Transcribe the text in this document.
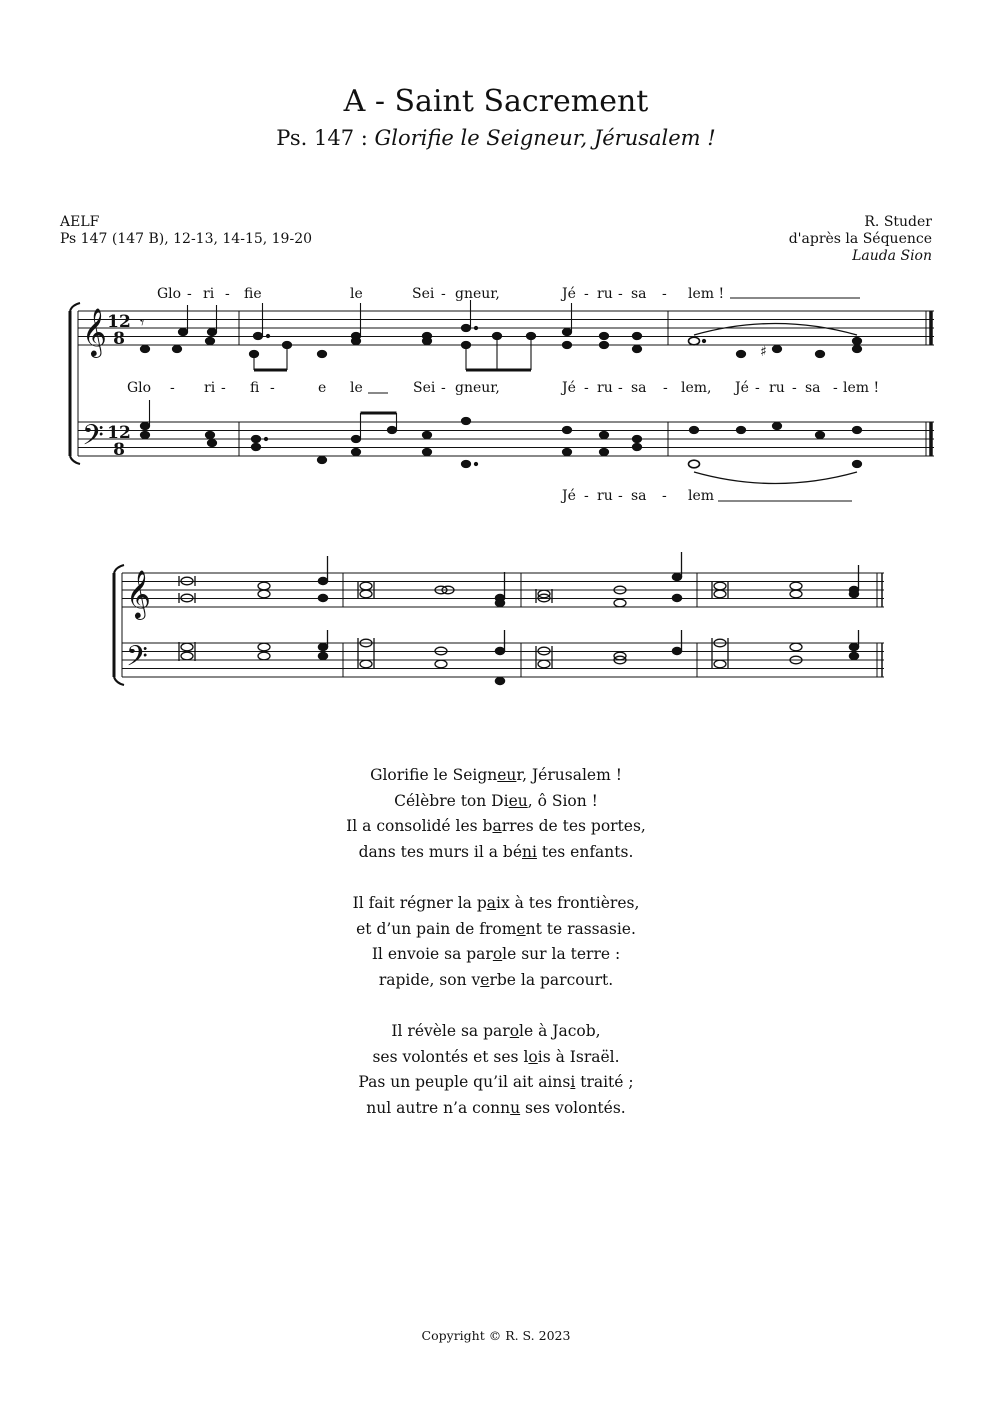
A - Saint Sacrement
Ps. 147 : Glorifie le Seigneur, Jérusalem !
AELF
Ps 147 (147 B), 12-13, 14-15, 19-20
R. Studer
d'après la Séquence
Lauda Sion
𝄞
𝄢
12
8
12
8
𝄾
♯
Glo - ri - fie	le	Sei - gneur,	Jé - ru - sa - lem !
Glo - ri - fi -	e le	Sei - gneur,	Jé - ru - sa - lem, Jé - ru - sa - lem !
Jé - ru - sa - lem
𝄞
𝄢
Glorifie le Seigneur, Jérusalem !
Célèbre ton Dieu, ô Sion !
Il a consolidé les barres de tes portes,
dans tes murs il a béni tes enfants.
Il fait régner la paix à tes frontières,
et d’un pain de froment te rassasie.
Il envoie sa parole sur la terre :
rapide, son verbe la parcourt.
Il révèle sa parole à Jacob,
ses volontés et ses lois à Israël.
Pas un peuple qu’il ait ainsi traité ;
nul autre n’a connu ses volontés.
Copyright © R. S. 2023
